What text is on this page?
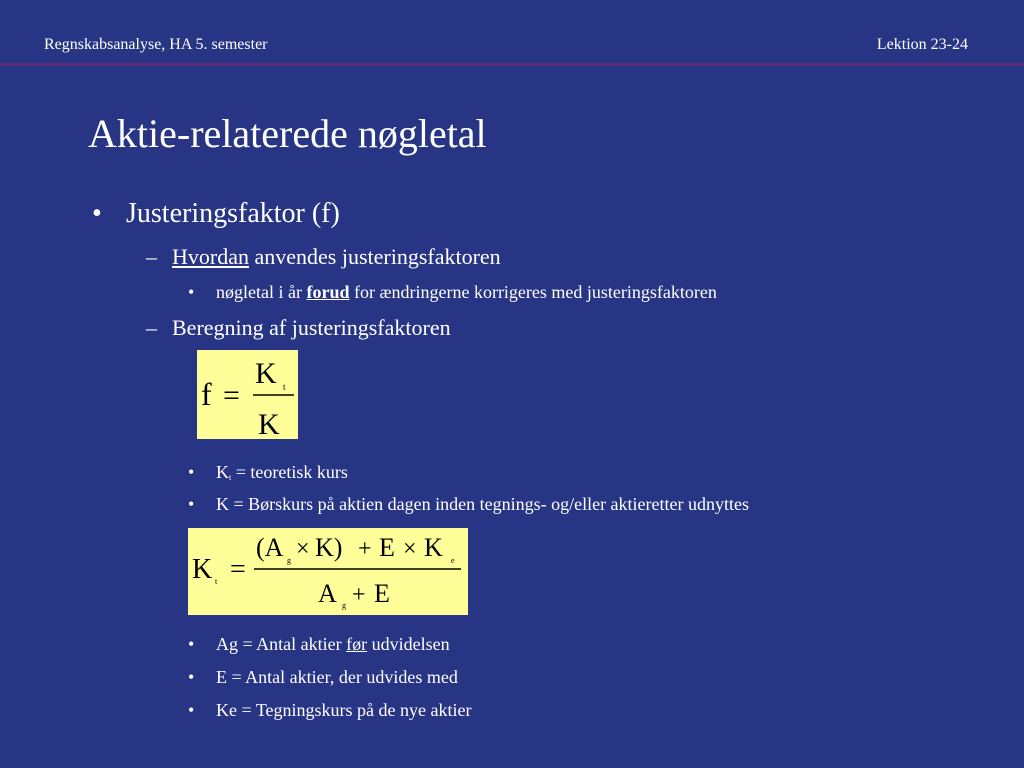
Regnskabsanalyse, HA 5. semester	Lektion 23-24
Aktie-relaterede nøgletal
• Justeringsfaktor (f)
– Hvordan anvendes justeringsfaktoren
• nøgletal i år forud for ændringerne korrigeres med justeringsfaktoren
– Beregning af justeringsfaktoren
f =
K t
K
• $K_t$ = teoretisk kurs
• K = Børskurs på aktien dagen inden tegnings- og/eller aktieretter udnyttes
K t =
(A g × K) + E × K e
A g + E
• Ag = Antal aktier før udvidelsen
• E = Antal aktier, der udvides med
• Ke = Tegningskurs på de nye aktier
